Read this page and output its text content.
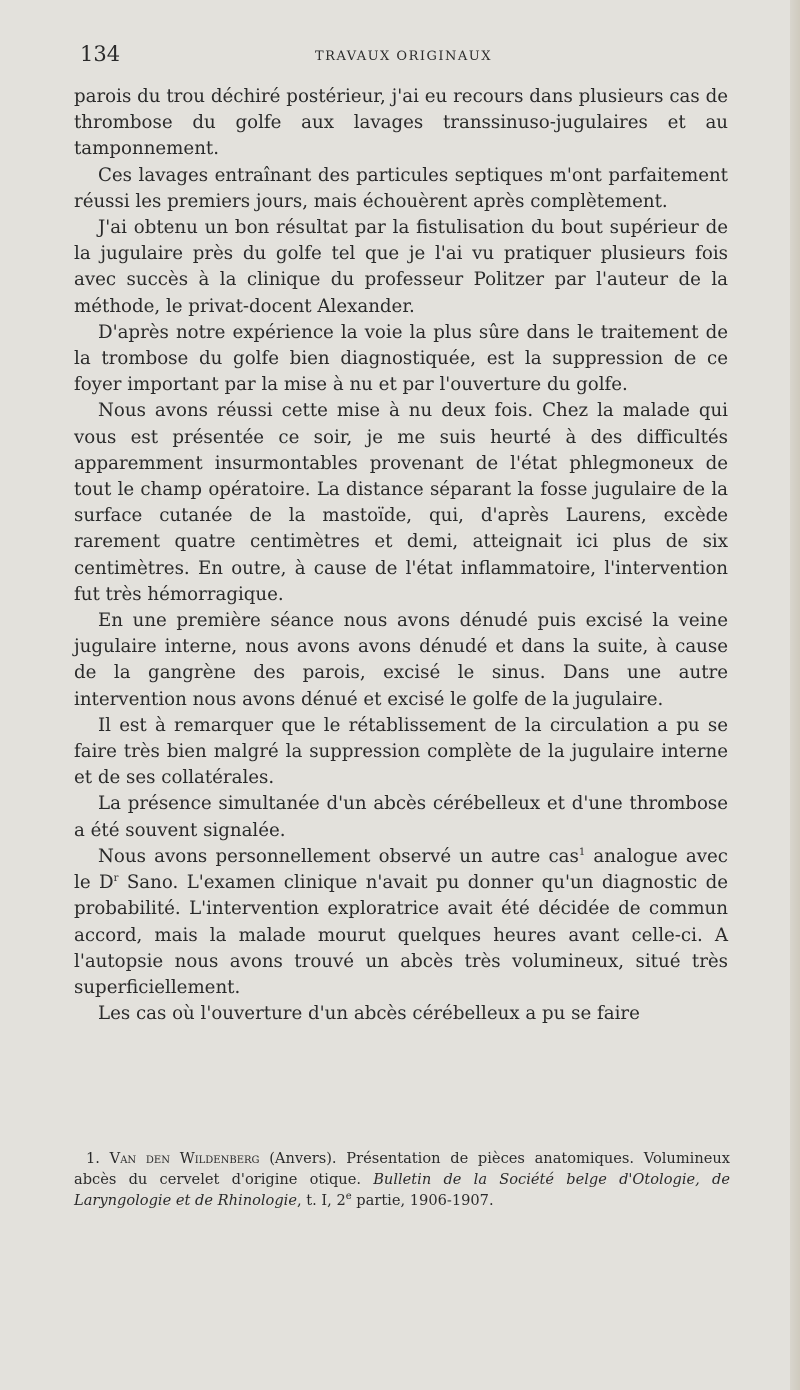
134	TRAVAUX ORIGINAUX

parois du trou déchiré postérieur, j'ai eu recours dans plusieurs cas de thrombose du golfe aux lavages transsinuso-jugulaires et au tamponnement.

Ces lavages entraînant des particules septiques m'ont parfaitement réussi les premiers jours, mais échouèrent après complètement.

J'ai obtenu un bon résultat par la fistulisation du bout supérieur de la jugulaire près du golfe tel que je l'ai vu pratiquer plusieurs fois avec succès à la clinique du professeur Politzer par l'auteur de la méthode, le privat-docent Alexander.

D'après notre expérience la voie la plus sûre dans le traitement de la trombose du golfe bien diagnostiquée, est la suppression de ce foyer important par la mise à nu et par l'ouverture du golfe.

Nous avons réussi cette mise à nu deux fois. Chez la malade qui vous est présentée ce soir, je me suis heurté à des difficultés apparemment insurmontables provenant de l'état phlegmoneux de tout le champ opératoire. La distance séparant la fosse jugulaire de la surface cutanée de la mastoïde, qui, d'après Laurens, excède rarement quatre centimètres et demi, atteignait ici plus de six centimètres. En outre, à cause de l'état inflammatoire, l'intervention fut très hémorragique.

En une première séance nous avons dénudé puis excisé la veine jugulaire interne, nous avons avons dénudé et dans la suite, à cause de la gangrène des parois, excisé le sinus. Dans une autre intervention nous avons dénué et excisé le golfe de la jugulaire.

Il est à remarquer que le rétablissement de la circulation a pu se faire très bien malgré la suppression complète de la jugulaire interne et de ses collatérales.

La présence simultanée d'un abcès cérébelleux et d'une thrombose a été souvent signalée.

Nous avons personnellement observé un autre cas$^1$ analogue avec le $D^r$ Sano. L'examen clinique n'avait pu donner qu'un diagnostic de probabilité. L'intervention exploratrice avait été décidée de commun accord, mais la malade mourut quelques heures avant celle-ci. A l'autopsie nous avons trouvé un abcès très volumineux, situé très superficiellement.

Les cas où l'ouverture d'un abcès cérébelleux a pu se faire

1. Van den Wildenberg (Anvers). Présentation de pièces anatomiques. Volumineux abcès du cervelet d'origine otique. Bulletin de la Société belge d'Otologie, de Laryngologie et de Rhinologie, t. I, 2e partie, 1906-1907.
